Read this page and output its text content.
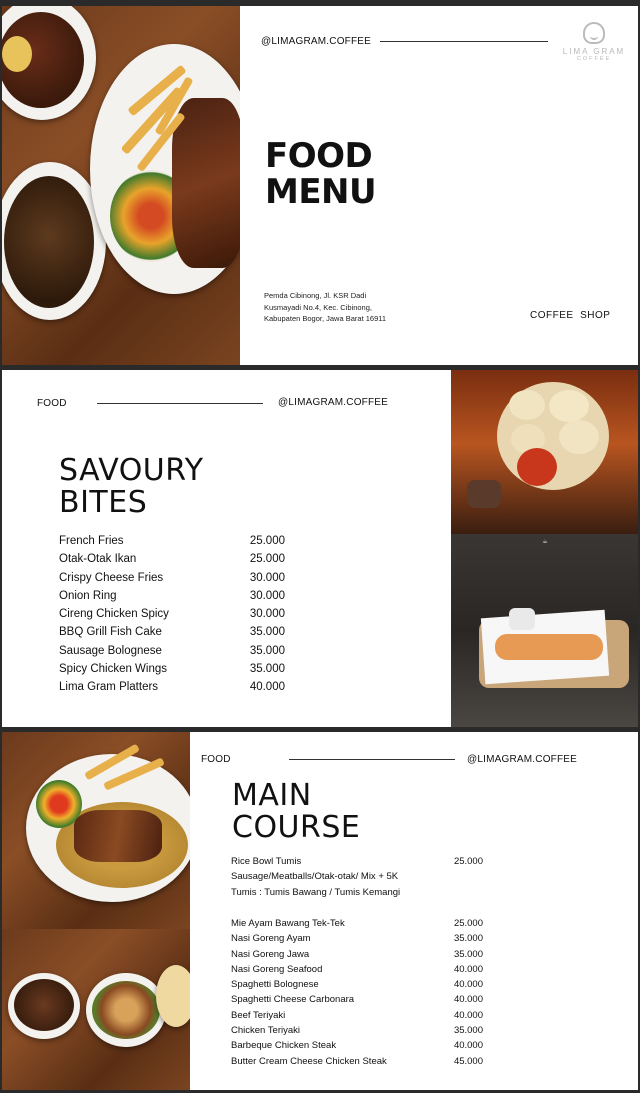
@LIMAGRAM.COFFEE
LIMA GRAM
COFFEE
FOOD
MENU
Pemda Cibinong, Jl. KSR Dadi
Kusmayadi No.4, Kec. Cibinong,
Kabupaten Bogor, Jawa Barat 16911	COFFEE  SHOP
FOOD	@LIMAGRAM.COFFEE
SAVOURY
BITES
French Fries	25.000
Otak-Otak Ikan	25.000
Crispy Cheese Fries	30.000
Onion Ring	30.000
Cireng Chicken Spicy	30.000
BBQ Grill Fish Cake	35.000
Sausage Bolognese	35.000
Spicy Chicken Wings	35.000
Lima Gram Platters	40.000
☕
FOOD	@LIMAGRAM.COFFEE
MAIN
COURSE
Rice Bowl Tumis	25.000
Sausage/Meatballs/Otak-otak/ Mix + 5K
Tumis : Tumis Bawang / Tumis Kemangi
Mie Ayam Bawang Tek-Tek	25.000
Nasi Goreng Ayam	35.000
Nasi Goreng Jawa	35.000
Nasi Goreng Seafood	40.000
Spaghetti Bolognese	40.000
Spaghetti Cheese Carbonara	40.000
Beef Teriyaki	40.000
Chicken Teriyaki	35.000
Barbeque Chicken Steak	40.000
Butter Cream Cheese Chicken Steak	45.000
